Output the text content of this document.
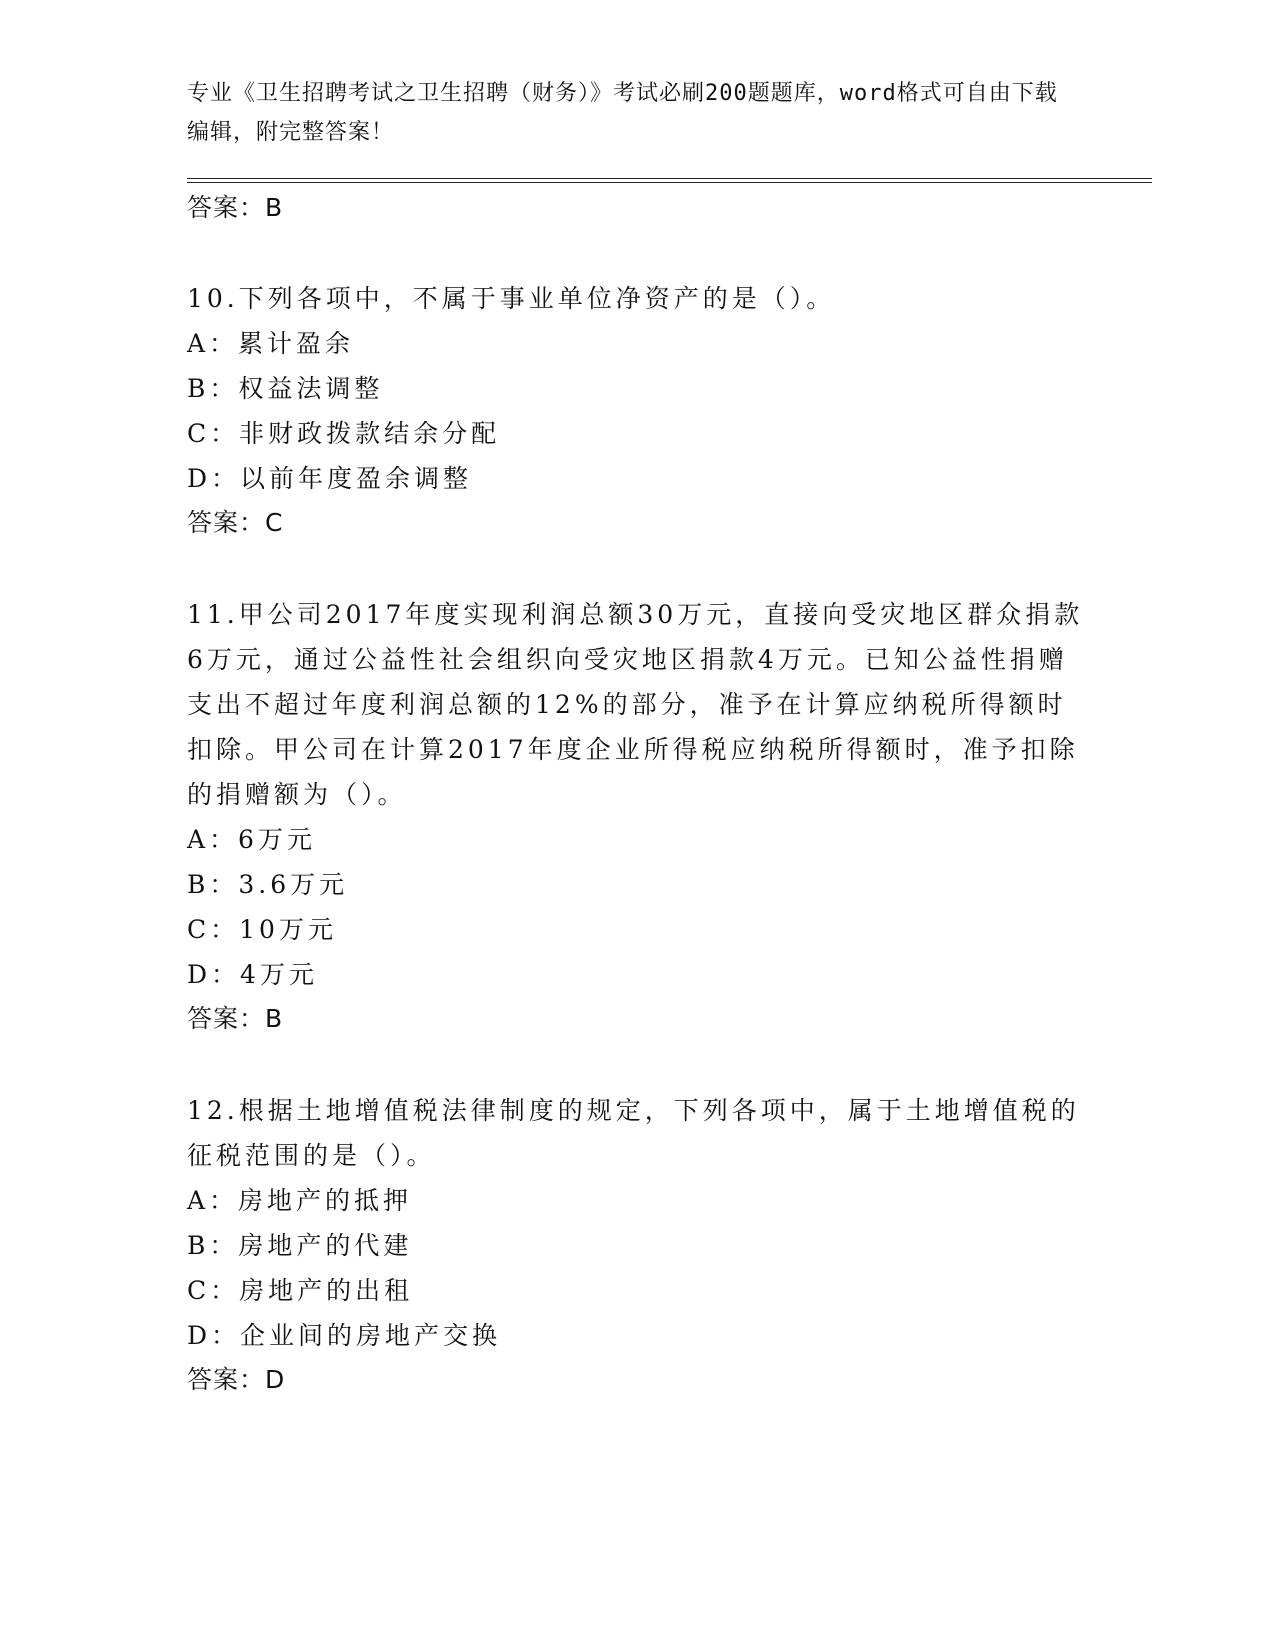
专业《卫生招聘考试之卫生招聘（财务）》考试必刷200题题库，word格式可自由下载编辑，附完整答案！
答案：B
10.下列各项中，不属于事业单位净资产的是（）。
A：累计盈余
B：权益法调整
C：非财政拨款结余分配
D：以前年度盈余调整
答案：C
11.甲公司2017年度实现利润总额30万元，直接向受灾地区群众捐款6万元，通过公益性社会组织向受灾地区捐款4万元。已知公益性捐赠支出不超过年度利润总额的12%的部分，准予在计算应纳税所得额时扣除。甲公司在计算2017年度企业所得税应纳税所得额时，准予扣除的捐赠额为（）。
A：6万元
B：3.6万元
C：10万元
D：4万元
答案：B
12.根据土地增值税法律制度的规定，下列各项中，属于土地增值税的征税范围的是（）。
A：房地产的抵押
B：房地产的代建
C：房地产的出租
D：企业间的房地产交换
答案：D
